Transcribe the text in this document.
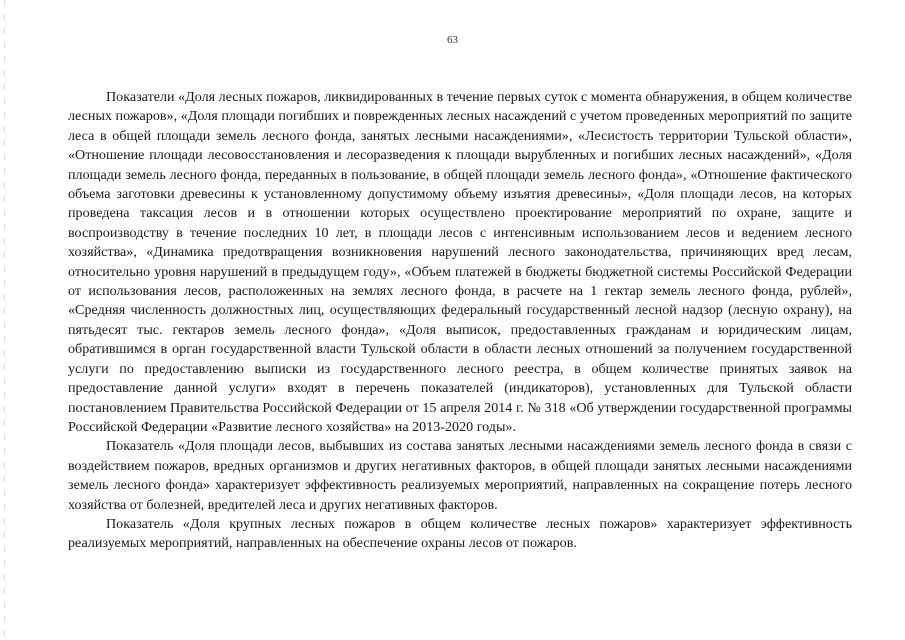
63

Показатели «Доля лесных пожаров, ликвидированных в течение первых суток с момента обнаружения, в общем количестве лесных пожаров», «Доля площади погибших и поврежденных лесных насаждений с учетом проведенных мероприятий по защите леса в общей площади земель лесного фонда, занятых лесными насаждениями», «Лесистость территории Тульской области», «Отношение площади лесовосстановления и лесоразведения к площади вырубленных и погибших лесных насаждений», «Доля площади земель лесного фонда, переданных в пользование, в общей площади земель лесного фонда», «Отношение фактического объема заготовки древесины к установленному допустимому объему изъятия древесины», «Доля площади лесов, на которых проведена таксация лесов и в отношении которых осуществлено проектирование мероприятий по охране, защите и воспроизводству в течение последних 10 лет, в площади лесов с интенсивным использованием лесов и ведением лесного хозяйства», «Динамика предотвращения возникновения нарушений лесного законодательства, причиняющих вред лесам, относительно уровня нарушений в предыдущем году», «Объем платежей в бюджеты бюджетной системы Российской Федерации от использования лесов, расположенных на землях лесного фонда, в расчете на 1 гектар земель лесного фонда, рублей», «Средняя численность должностных лиц, осуществляющих федеральный государственный лесной надзор (лесную охрану), на пятьдесят тыс. гектаров земель лесного фонда», «Доля выписок, предоставленных гражданам и юридическим лицам, обратившимся в орган государственной власти Тульской области в области лесных отношений за получением государственной услуги по предоставлению выписки из государственного лесного реестра, в общем количестве принятых заявок на предоставление данной услуги» входят в перечень показателей (индикаторов), установленных для Тульской области постановлением Правительства Российской Федерации от 15 апреля 2014 г. № 318 «Об утверждении государственной программы Российской Федерации «Развитие лесного хозяйства» на 2013-2020 годы».

Показатель «Доля площади лесов, выбывших из состава занятых лесными насаждениями земель лесного фонда в связи с воздействием пожаров, вредных организмов и других негативных факторов, в общей площади занятых лесными насаждениями земель лесного фонда» характеризует эффективность реализуемых мероприятий, направленных на сокращение потерь лесного хозяйства от болезней, вредителей леса и других негативных факторов.

Показатель «Доля крупных лесных пожаров в общем количестве лесных пожаров» характеризует эффективность реализуемых мероприятий, направленных на обеспечение охраны лесов от пожаров.
